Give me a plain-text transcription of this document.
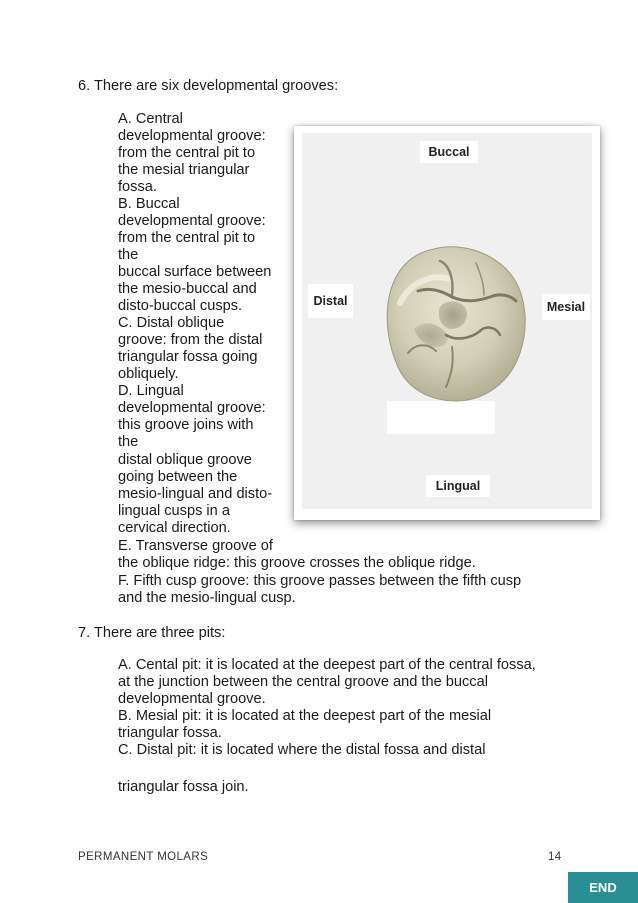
6. There are six developmental grooves:
A. Central
developmental groove:
from the central pit to
the mesial triangular
fossa.
B. Buccal
developmental groove:
from the central pit to
the
buccal surface between
the mesio-buccal and
disto-buccal cusps.
C. Distal oblique
groove: from the distal
triangular fossa going
obliquely.
D. Lingual
developmental groove:
this groove joins with
the
distal oblique groove
going between the
mesio-lingual and disto-
lingual cusps in a
cervical direction.
E. Transverse groove of
the oblique ridge: this groove crosses the oblique ridge.
F. Fifth cusp groove: this groove passes between the fifth cusp
and the mesio-lingual cusp.
Buccal
Distal	Mesial
Lingual
7. There are three pits:
A. Cental pit: it is located at the deepest part of the central fossa,
at the junction between the central groove and the buccal
developmental groove.
B. Mesial pit: it is located at the deepest part of the mesial
triangular fossa.
C. Distal pit: it is located where the distal fossa and distal
triangular fossa join.
PERMANENT MOLARS	14
END
